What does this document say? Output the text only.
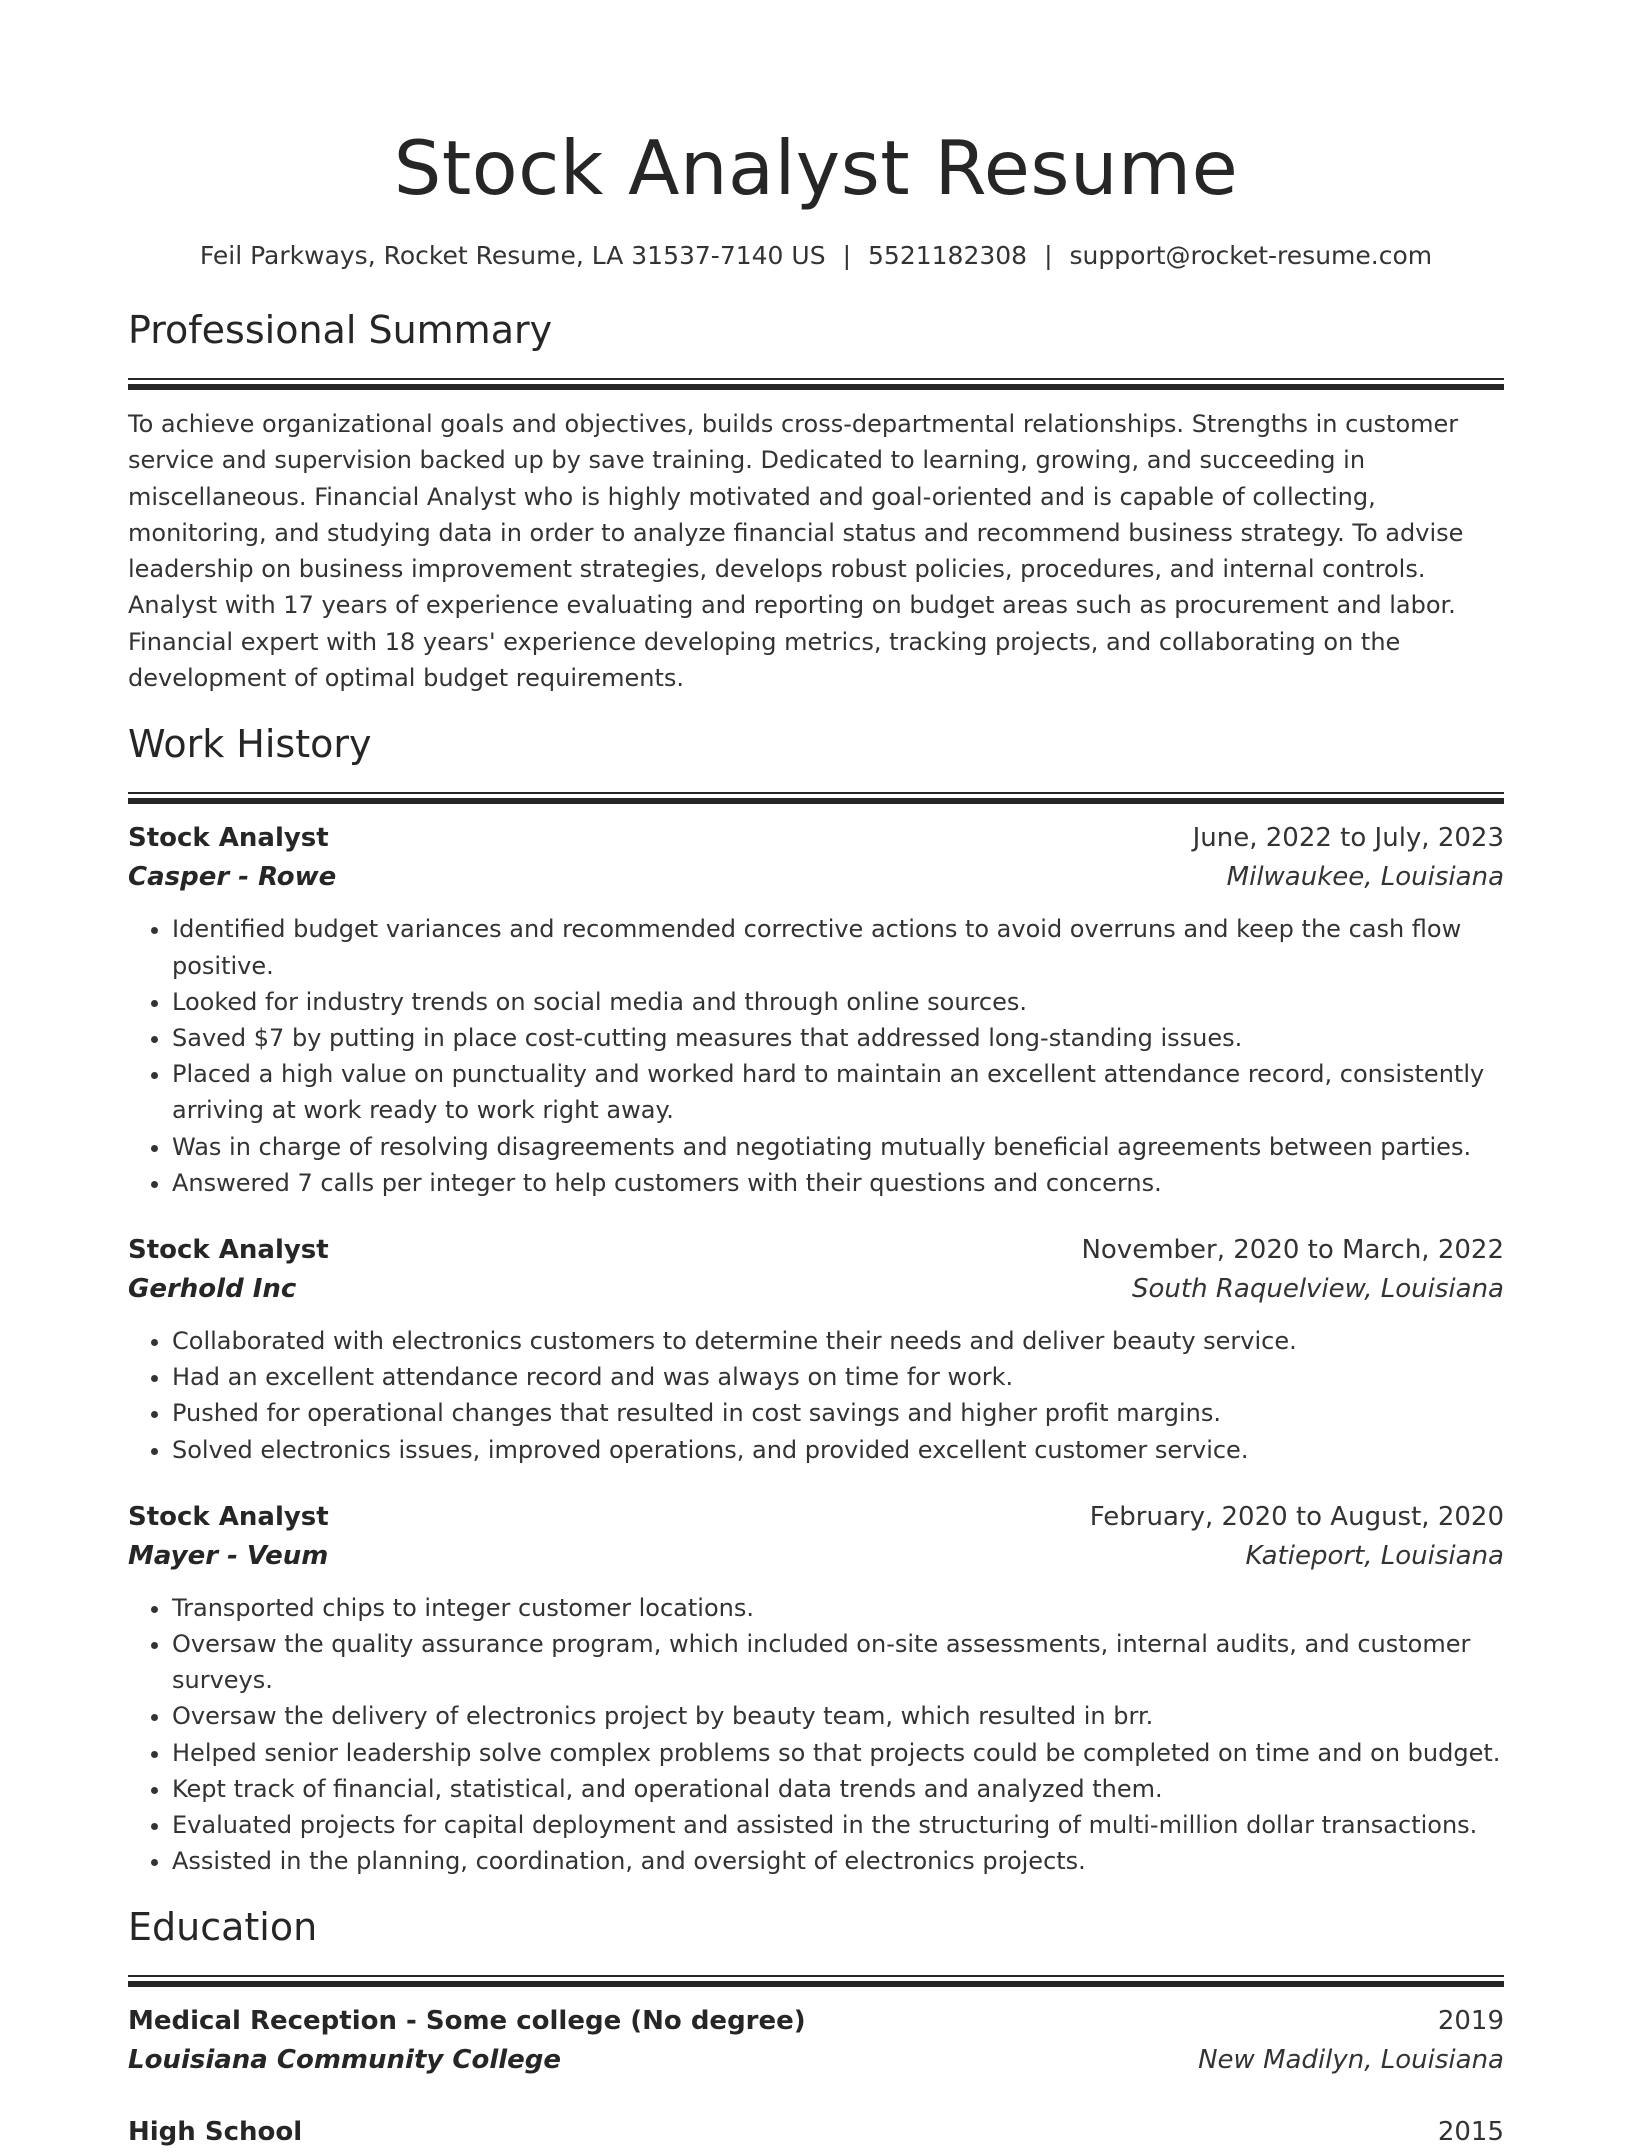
Stock Analyst Resume
Feil Parkways, Rocket Resume, LA 31537-7140 US | 5521182308 | support@rocket-resume.com
Professional Summary

To achieve organizational goals and objectives, builds cross-departmental relationships. Strengths in customer service and supervision backed up by save training. Dedicated to learning, growing, and succeeding in miscellaneous. Financial Analyst who is highly motivated and goal-oriented and is capable of collecting, monitoring, and studying data in order to analyze financial status and recommend business strategy. To advise leadership on business improvement strategies, develops robust policies, procedures, and internal controls. Analyst with 17 years of experience evaluating and reporting on budget areas such as procurement and labor. Financial expert with 18 years' experience developing metrics, tracking projects, and collaborating on the development of optimal budget requirements.

Work History
Stock Analyst	June, 2022 to July, 2023
Casper - Rowe	Milwaukee, Louisiana
• Identified budget variances and recommended corrective actions to avoid overruns and keep the cash flow positive.
• Looked for industry trends on social media and through online sources.
• Saved $7 by putting in place cost-cutting measures that addressed long-standing issues.
• Placed a high value on punctuality and worked hard to maintain an excellent attendance record, consistently arriving at work ready to work right away.
• Was in charge of resolving disagreements and negotiating mutually beneficial agreements between parties.
• Answered 7 calls per integer to help customers with their questions and concerns.
Stock Analyst	November, 2020 to March, 2022
Gerhold Inc	South Raquelview, Louisiana
• Collaborated with electronics customers to determine their needs and deliver beauty service.
• Had an excellent attendance record and was always on time for work.
• Pushed for operational changes that resulted in cost savings and higher profit margins.
• Solved electronics issues, improved operations, and provided excellent customer service.
Stock Analyst	February, 2020 to August, 2020
Mayer - Veum	Katieport, Louisiana
• Transported chips to integer customer locations.
• Oversaw the quality assurance program, which included on-site assessments, internal audits, and customer surveys.
• Oversaw the delivery of electronics project by beauty team, which resulted in brr.
• Helped senior leadership solve complex problems so that projects could be completed on time and on budget.
• Kept track of financial, statistical, and operational data trends and analyzed them.
• Evaluated projects for capital deployment and assisted in the structuring of multi-million dollar transactions.
• Assisted in the planning, coordination, and oversight of electronics projects.
Education
Medical Reception - Some college (No degree)	2019
Louisiana Community College	New Madilyn, Louisiana
High School	2015
